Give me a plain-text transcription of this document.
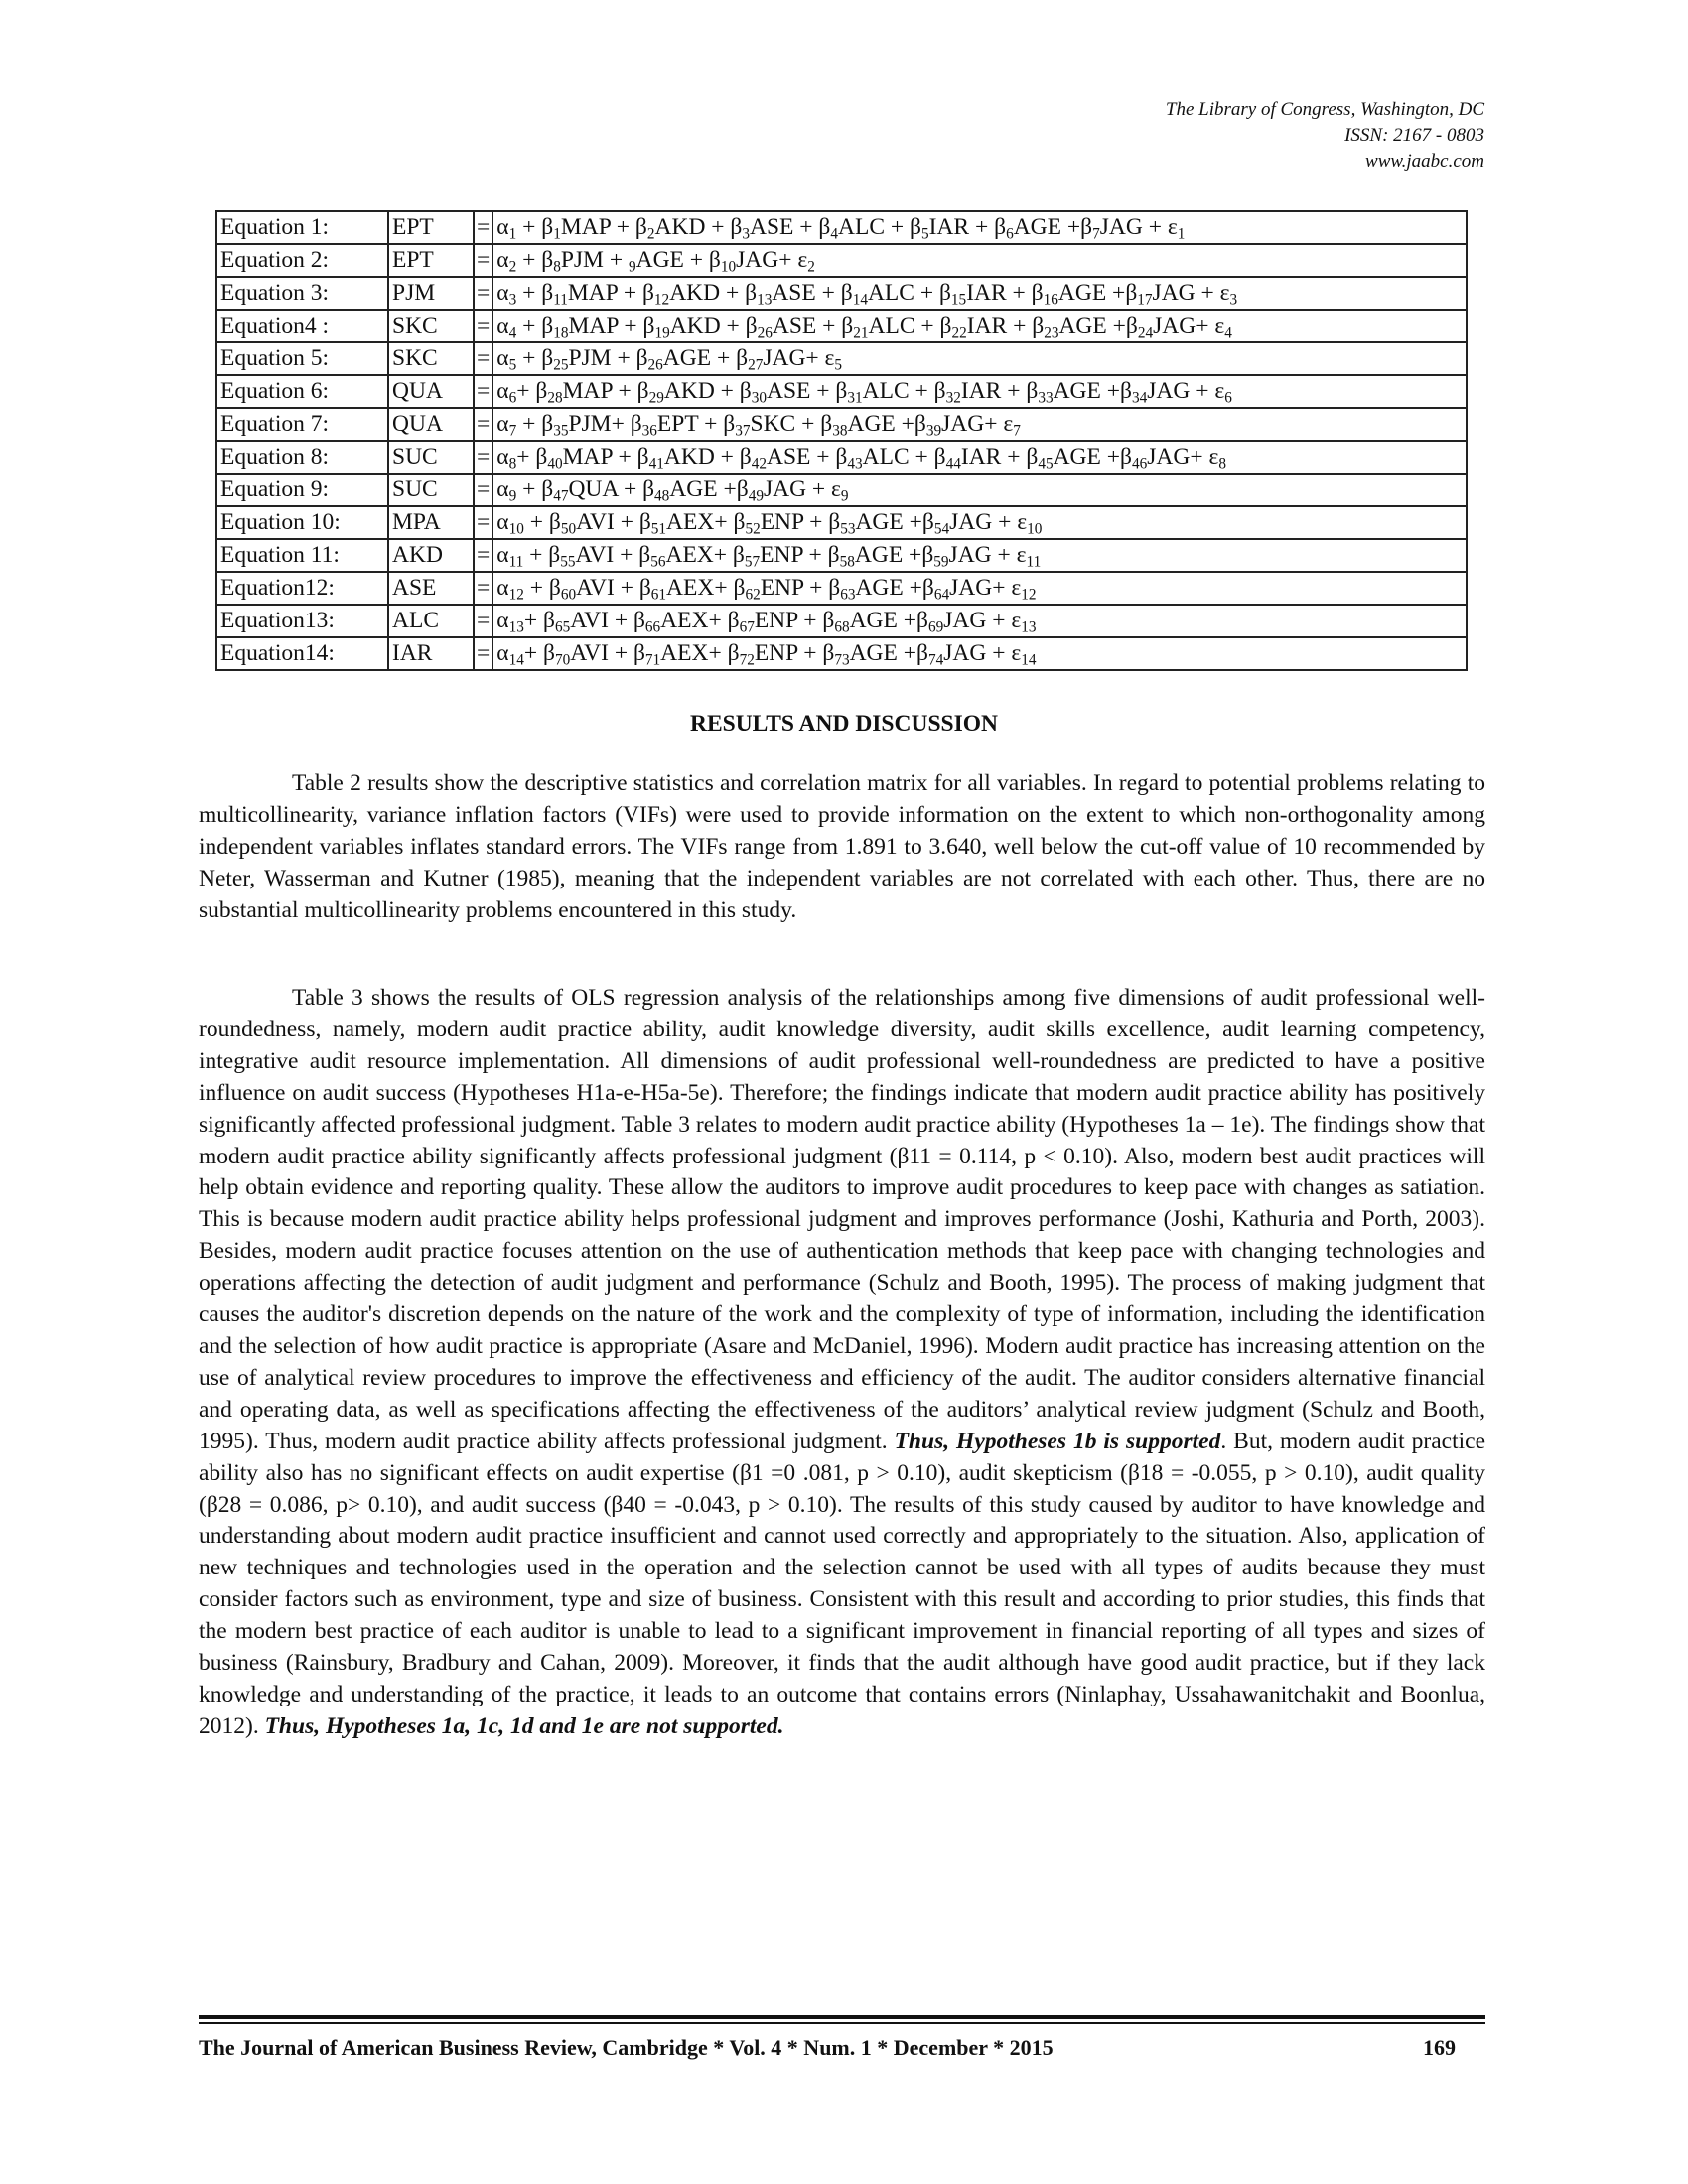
The Library of Congress, Washington, DC
ISSN: 2167 - 0803
www.jaabc.com
Equation 1:	EPT	=	$\alpha_1 + \beta_1MAP + \beta_2AKD + \beta_3ASE + \beta_4ALC + \beta_5IAR + \beta_6AGE +\beta_7JAG + \varepsilon_1$
Equation 2:	EPT	=	$\alpha_2 + \beta_8PJM + _9AGE + \beta_{10}JAG+ \varepsilon_2$
Equation 3:	PJM	=	$\alpha_3 + \beta_{11}MAP + \beta_{12}AKD + \beta_{13}ASE + \beta_{14}ALC + \beta_{15}IAR + \beta_{16}AGE +\beta_{17}JAG + \varepsilon_3$
Equation4 :	SKC	=	$\alpha_4 + \beta_{18}MAP + \beta_{19}AKD + \beta_{26}ASE + \beta_{21}ALC + \beta_{22}IAR + \beta_{23}AGE +\beta_{24}JAG+ \varepsilon_4$
Equation 5:	SKC	=	$\alpha_5 + \beta_{25}PJM + \beta_{26}AGE + \beta_{27}JAG+ \varepsilon_5$
Equation 6:	QUA	=	$\alpha_6+ \beta_{28}MAP + \beta_{29}AKD + \beta_{30}ASE + \beta_{31}ALC + \beta_{32}IAR + \beta_{33}AGE +\beta_{34}JAG + \varepsilon_6$
Equation 7:	QUA	=	$\alpha_7 + \beta_{35}PJM+ \beta_{36}EPT + \beta_{37}SKC + \beta_{38}AGE +\beta_{39}JAG+ \varepsilon_7$
Equation 8:	SUC	=	$\alpha_8+ \beta_{40}MAP + \beta_{41}AKD + \beta_{42}ASE + \beta_{43}ALC + \beta_{44}IAR + \beta_{45}AGE +\beta_{46}JAG+ \varepsilon_8$
Equation 9:	SUC	=	$\alpha_9 + \beta_{47}QUA + \beta_{48}AGE +\beta_{49}JAG + \varepsilon_9$
Equation 10:	MPA	=	$\alpha_{10} + \beta_{50}AVI + \beta_{51}AEX+ \beta_{52}ENP + \beta_{53}AGE +\beta_{54}JAG + \varepsilon_{10}$
Equation 11:	AKD	=	$\alpha_{11} + \beta_{55}AVI + \beta_{56}AEX+ \beta_{57}ENP + \beta_{58}AGE +\beta_{59}JAG + \varepsilon_{11}$
Equation12:	ASE	=	$\alpha_{12} + \beta_{60}AVI + \beta_{61}AEX+ \beta_{62}ENP + \beta_{63}AGE +\beta_{64}JAG+ \varepsilon_{12}$
Equation13:	ALC	=	$\alpha_{13}+ \beta_{65}AVI + \beta_{66}AEX+ \beta_{67}ENP + \beta_{68}AGE +\beta_{69}JAG + \varepsilon_{13}$
Equation14:	IAR	=	$\alpha_{14}+ \beta_{70}AVI + \beta_{71}AEX+ \beta_{72}ENP + \beta_{73}AGE +\beta_{74}JAG + \varepsilon_{14}$
RESULTS AND DISCUSSION

Table 2 results show the descriptive statistics and correlation matrix for all variables. In regard to potential problems relating to multicollinearity, variance inflation factors (VIFs) were used to provide information on the extent to which non-orthogonality among independent variables inflates standard errors. The VIFs range from 1.891 to 3.640, well below the cut-off value of 10 recommended by Neter, Wasserman and Kutner (1985), meaning that the independent variables are not correlated with each other. Thus, there are no substantial multicollinearity problems encountered in this study.

Table 3 shows the results of OLS regression analysis of the relationships among five dimensions of audit professional well-roundedness, namely, modern audit practice ability, audit knowledge diversity, audit skills excellence, audit learning competency, integrative audit resource implementation. All dimensions of audit professional well-roundedness are predicted to have a positive influence on audit success (Hypotheses H1a-e-H5a-5e). Therefore; the findings indicate that modern audit practice ability has positively significantly affected professional judgment. Table 3 relates to modern audit practice ability (Hypotheses 1a – 1e). The findings show that modern audit practice ability significantly affects professional judgment (β11 = 0.114, p < 0.10). Also, modern best audit practices will help obtain evidence and reporting quality. These allow the auditors to improve audit procedures to keep pace with changes as satiation. This is because modern audit practice ability helps professional judgment and improves performance (Joshi, Kathuria and Porth, 2003). Besides, modern audit practice focuses attention on the use of authentication methods that keep pace with changing technologies and operations affecting the detection of audit judgment and performance (Schulz and Booth, 1995). The process of making judgment that causes the auditor's discretion depends on the nature of the work and the complexity of type of information, including the identification and the selection of how audit practice is appropriate (Asare and McDaniel, 1996). Modern audit practice has increasing attention on the use of analytical review procedures to improve the effectiveness and efficiency of the audit. The auditor considers alternative financial and operating data, as well as specifications affecting the effectiveness of the auditors’ analytical review judgment (Schulz and Booth, 1995). Thus, modern audit practice ability affects professional judgment. Thus, Hypotheses 1b is supported. But, modern audit practice ability also has no significant effects on audit expertise (β1 =0 .081, p > 0.10), audit skepticism (β18 = -0.055, p > 0.10), audit quality (β28 = 0.086, p> 0.10), and audit success (β40 = -0.043, p > 0.10). The results of this study caused by auditor to have knowledge and understanding about modern audit practice insufficient and cannot used correctly and appropriately to the situation. Also, application of new techniques and technologies used in the operation and the selection cannot be used with all types of audits because they must consider factors such as environment, type and size of business. Consistent with this result and according to prior studies, this finds that the modern best practice of each auditor is unable to lead to a significant improvement in financial reporting of all types and sizes of business (Rainsbury, Bradbury and Cahan, 2009). Moreover, it finds that the audit although have good audit practice, but if they lack knowledge and understanding of the practice, it leads to an outcome that contains errors (Ninlaphay, Ussahawanitchakit and Boonlua, 2012). Thus, Hypotheses 1a, 1c, 1d and 1e are not supported.

The Journal of American Business Review, Cambridge * Vol. 4 * Num. 1 * December * 2015	169
